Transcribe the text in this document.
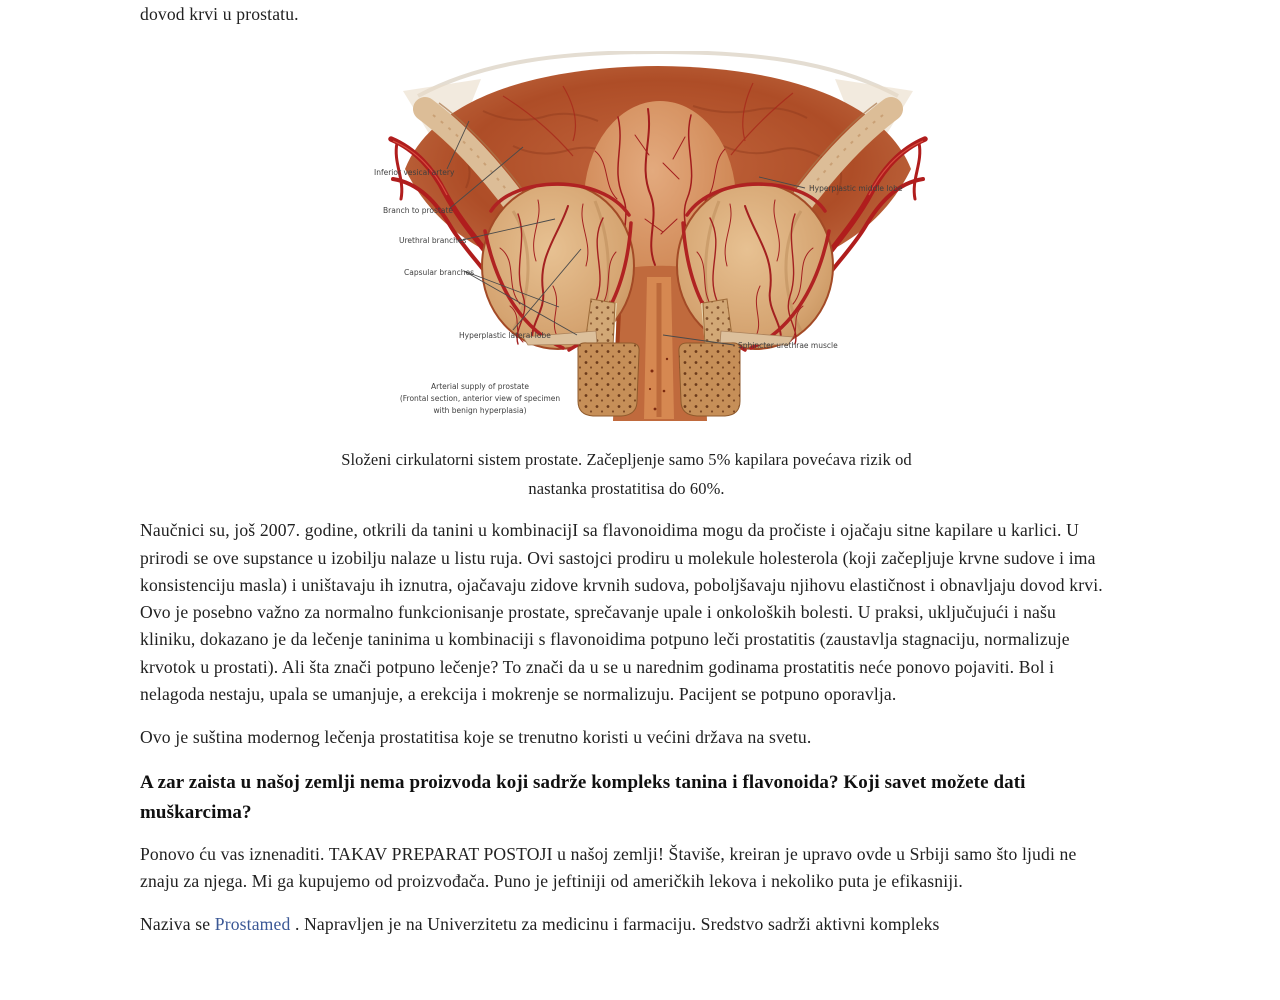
dovod krvi u prostatu.

Inferior vesical artery
Branch to prostate
Urethral branches
Capsular branches
Hyperplastic lateral lobe
Hyperplastic middle lobe
Sphincter urethrae muscle
Arterial supply of prostate
(Frontal section, anterior view of specimen
with benign hyperplasia)
Složeni cirkulatorni sistem prostate. Začepljenje samo 5% kapilara povećava rizik od
nastanka prostatitisa do 60%.

Naučnici su, još 2007. godine, otkrili da tanini u kombinacijI sa flavonoidima mogu da pročiste i ojačaju sitne kapilare u karlici. U prirodi se ove supstance u izobilju nalaze u listu ruja. Ovi sastojci prodiru u molekule holesterola (koji začepljuje krvne sudove i ima konsistenciju masla) i uništavaju ih iznutra, ojačavaju zidove krvnih sudova, poboljšavaju njihovu elastičnost i obnavljaju dovod krvi. Ovo je posebno važno za normalno funkcionisanje prostate, sprečavanje upale i onkoloških bolesti. U praksi, uključujući i našu kliniku, dokazano je da lečenje taninima u kombinaciji s flavonoidima potpuno leči prostatitis (zaustavlja stagnaciju, normalizuje krvotok u prostati). Ali šta znači potpuno lečenje? To znači da u se u narednim godinama prostatitis neće ponovo pojaviti. Bol i nelagoda nestaju, upala se umanjuje, a erekcija i mokrenje se normalizuju. Pacijent se potpuno oporavlja.

Ovo je suština modernog lečenja prostatitisa koje se trenutno koristi u većini država na svetu.

A zar zaista u našoj zemlji nema proizvoda koji sadrže kompleks tanina i flavonoida? Koji savet možete dati muškarcima?

Ponovo ću vas iznenaditi. TAKAV PREPARAT POSTOJI u našoj zemlji! Štaviše, kreiran je upravo ovde u Srbiji samo što ljudi ne znaju za njega. Mi ga kupujemo od proizvođača. Puno je jeftiniji od američkih lekova i nekoliko puta je efikasniji.

Naziva se Prostamed . Napravljen je na Univerzitetu za medicinu i farmaciju. Sredstvo sadrži aktivni kompleks
